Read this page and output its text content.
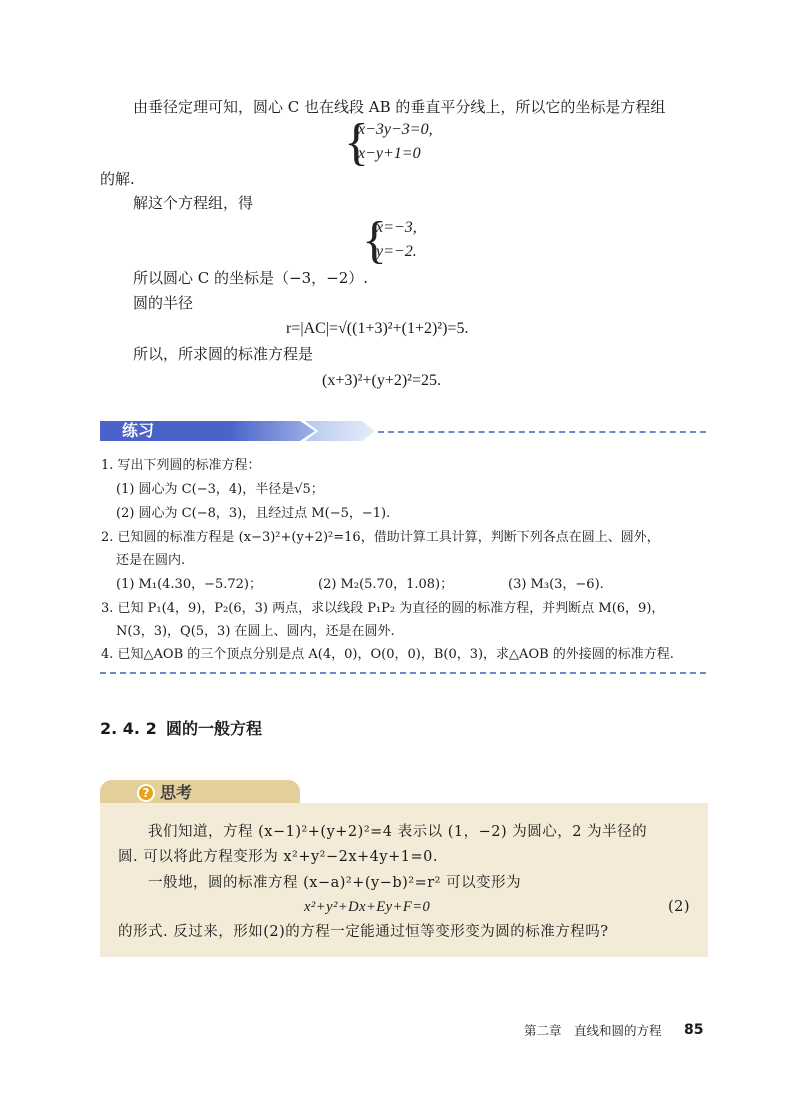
由垂径定理可知，圆心 C 也在线段 AB 的垂直平分线上，所以它的坐标是方程组
{
x−3y−3=0,
x−y+1=0
的解.
解这个方程组，得
{
x=−3,
y=−2.
所以圆心 C 的坐标是（−3，−2）.
圆的半径
r=|AC|=√((1+3)²+(1+2)²)=5.
所以，所求圆的标准方程是
(x+3)²+(y+2)²=25.
练习
1. 写出下列圆的标准方程：
(1) 圆心为 C(−3，4)，半径是√5；
(2) 圆心为 C(−8，3)，且经过点 M(−5，−1).
2. 已知圆的标准方程是 (x−3)²+(y+2)²=16，借助计算工具计算，判断下列各点在圆上、圆外，
还是在圆内.
(1) M₁(4.30，−5.72)；	(2) M₂(5.70，1.08)；	(3) M₃(3，−6).
3. 已知 P₁(4，9)，P₂(6，3) 两点，求以线段 P₁P₂ 为直径的圆的标准方程，并判断点 M(6，9)，
N(3，3)，Q(5，3) 在圆上、圆内，还是在圆外.
4. 已知△AOB 的三个顶点分别是点 A(4，0)，O(0，0)，B(0，3)，求△AOB 的外接圆的标准方程.
2. 4. 2 圆的一般方程
? 思考
我们知道，方程 (x−1)²+(y+2)²=4 表示以 (1，−2) 为圆心，2 为半径的
圆. 可以将此方程变形为 x²+y²−2x+4y+1=0.
一般地，圆的标准方程 (x−a)²+(y−b)²=r² 可以变形为
x²+y²+Dx+Ey+F=0	(2)
的形式. 反过来，形如(2)的方程一定能通过恒等变形变为圆的标准方程吗?
第二章　直线和圆的方程 85
